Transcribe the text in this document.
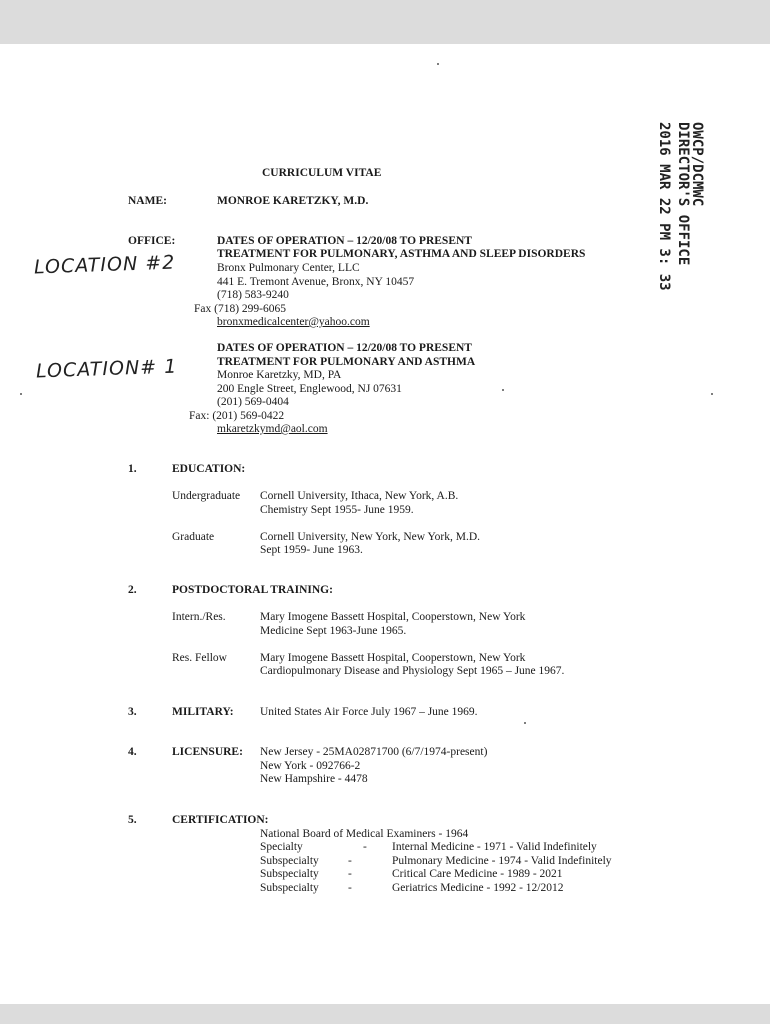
OWCP/DCMWC
DIRECTOR'S OFFICE
2016 MAR 22 PM 3: 33
LOCATION #2
LOCATION# 1
CURRICULUM VITAE
NAME:	MONROE KARETZKY, M.D.
OFFICE:	DATES OF OPERATION – 12/20/08 TO PRESENT
TREATMENT FOR PULMONARY, ASTHMA AND SLEEP DISORDERS
Bronx Pulmonary Center, LLC
441 E. Tremont Avenue, Bronx, NY 10457
(718) 583-9240
Fax (718) 299-6065
bronxmedicalcenter@yahoo.com
DATES OF OPERATION – 12/20/08 TO PRESENT
TREATMENT FOR PULMONARY AND ASTHMA
Monroe Karetzky, MD, PA
200 Engle Street, Englewood, NJ 07631
(201) 569-0404
Fax: (201) 569-0422
mkaretzkymd@aol.com
1.	EDUCATION:
Undergraduate Cornell University, Ithaca, New York, A.B.
Chemistry Sept 1955- June 1959.
Graduate	Cornell University, New York, New York, M.D.
Sept 1959- June 1963.
2.	POSTDOCTORAL TRAINING:
Intern./Res.	Mary Imogene Bassett Hospital, Cooperstown, New York
Medicine Sept 1963-June 1965.
Res. Fellow	Mary Imogene Bassett Hospital, Cooperstown, New York
Cardiopulmonary Disease and Physiology Sept 1965 – June 1967.
3.	MILITARY: United States Air Force July 1967 – June 1969.
4.	LICENSURE: New Jersey - 25MA02871700 (6/7/1974-present)
New York - 092766-2
New Hampshire - 4478
5.	CERTIFICATION:
National Board of Medical Examiners - 1964
Specialty	- Internal Medicine - 1971 - Valid Indefinitely
Subspecialty	-	Pulmonary Medicine - 1974 - Valid Indefinitely
Subspecialty	-	Critical Care Medicine - 1989 - 2021
Subspecialty	-	Geriatrics Medicine - 1992 - 12/2012
